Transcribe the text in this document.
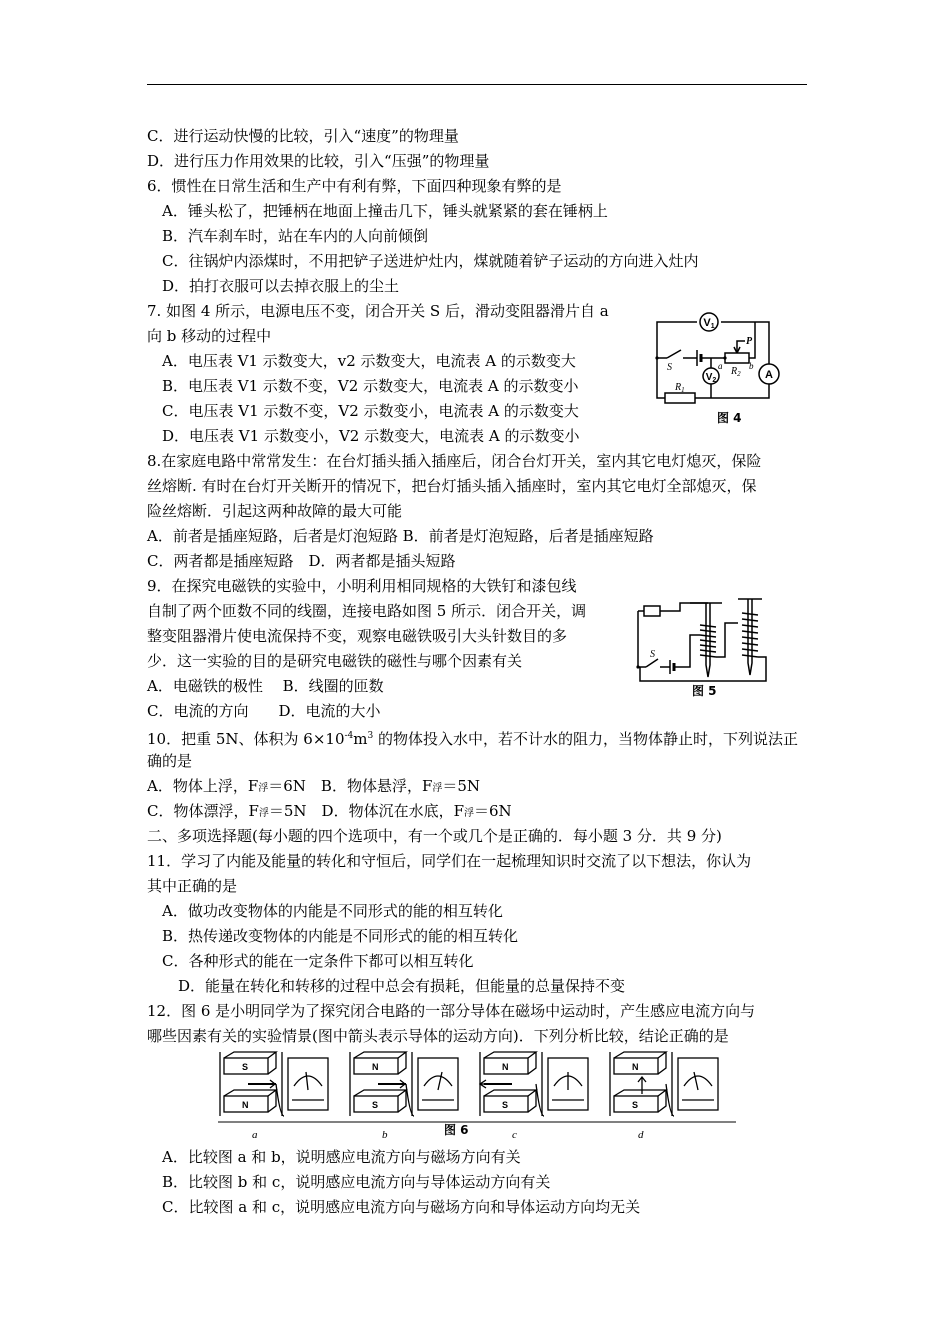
C．进行运动快慢的比较，引入“速度”的物理量
D．进行压力作用效果的比较，引入“压强”的物理量
6．惯性在日常生活和生产中有利有弊，下面四种现象有弊的是
A．锤头松了，把锤柄在地面上撞击几下，锤头就紧紧的套在锤柄上
B．汽车刹车时，站在车内的人向前倾倒
C．往锅炉内添煤时，不用把铲子送进炉灶内，煤就随着铲子运动的方向进入灶内
D．拍打衣服可以去掉衣服上的尘土
7. 如图 4 所示，电源电压不变，闭合开关 S 后，滑动变阻器滑片自 a
向 b 移动的过程中
A．电压表 V1 示数变大，v2 示数变大，电流表 A 的示数变大
B．电压表 V1 示数不变，V2 示数变大，电流表 A 的示数变小
C．电压表 V1 示数不变，V2 示数变小，电流表 A 的示数变大
D．电压表 V1 示数变小，V2 示数变大，电流表 A 的示数变小
8.在家庭电路中常常发生：在台灯插头插入插座后，闭合台灯开关，室内其它电灯熄灭，保险
丝熔断. 有时在台灯开关断开的情况下，把台灯插头插入插座时，室内其它电灯全部熄灭，保
险丝熔断．引起这两种故障的最大可能
A．前者是插座短路，后者是灯泡短路 B．前者是灯泡短路，后者是插座短路
C．两者都是插座短路　D．两者都是插头短路
9．在探究电磁铁的实验中，小明利用相同规格的大铁钉和漆包线
自制了两个匝数不同的线圈，连接电路如图 5 所示．闭合开关，调
整变阻器滑片使电流保持不变，观察电磁铁吸引大头针数目的多
少．这一实验的目的是研究电磁铁的磁性与哪个因素有关
A．电磁铁的极性　 B．线圈的匝数
C．电流的方向　　D．电流的大小
10．把重 5N、体积为 $6\times 10^{-4}m^3$ 的物体投入水中，若不计水的阻力，当物体静止时，下列说法正
确的是
A．物体上浮，F浮＝6N　B．物体悬浮，F浮＝5N
C．物体漂浮，F浮＝5N　D．物体沉在水底，F浮＝6N
二、多项选择题(每小题的四个选项中，有一个或几个是正确的．每小题 3 分．共 9 分)
11．学习了内能及能量的转化和守恒后，同学们在一起梳理知识时交流了以下想法，你认为
其中正确的是
A．做功改变物体的内能是不同形式的能的相互转化
B．热传递改变物体的内能是不同形式的能的相互转化
C．各种形式的能在一定条件下都可以相互转化
D．能量在转化和转移的过程中总会有损耗，但能量的总量保持不变
12．图 6 是小明同学为了探究闭合电路的一部分导体在磁场中运动时，产生感应电流方向与
哪些因素有关的实验情景(图中箭头表示导体的运动方向)．下列分析比较，结论正确的是
A．比较图 a 和 b，说明感应电流方向与磁场方向有关
B．比较图 b 和 c，说明感应电流方向与导体运动方向有关
C．比较图 a 和 c，说明感应电流方向与磁场方向和导体运动方向均无关
V1
$V_2$	A
S
P
$R_1$
$R_2$
a	b
图 4
S
图 5
S
N
N
S
N
S
N
S
a	b	c	d
图 6
